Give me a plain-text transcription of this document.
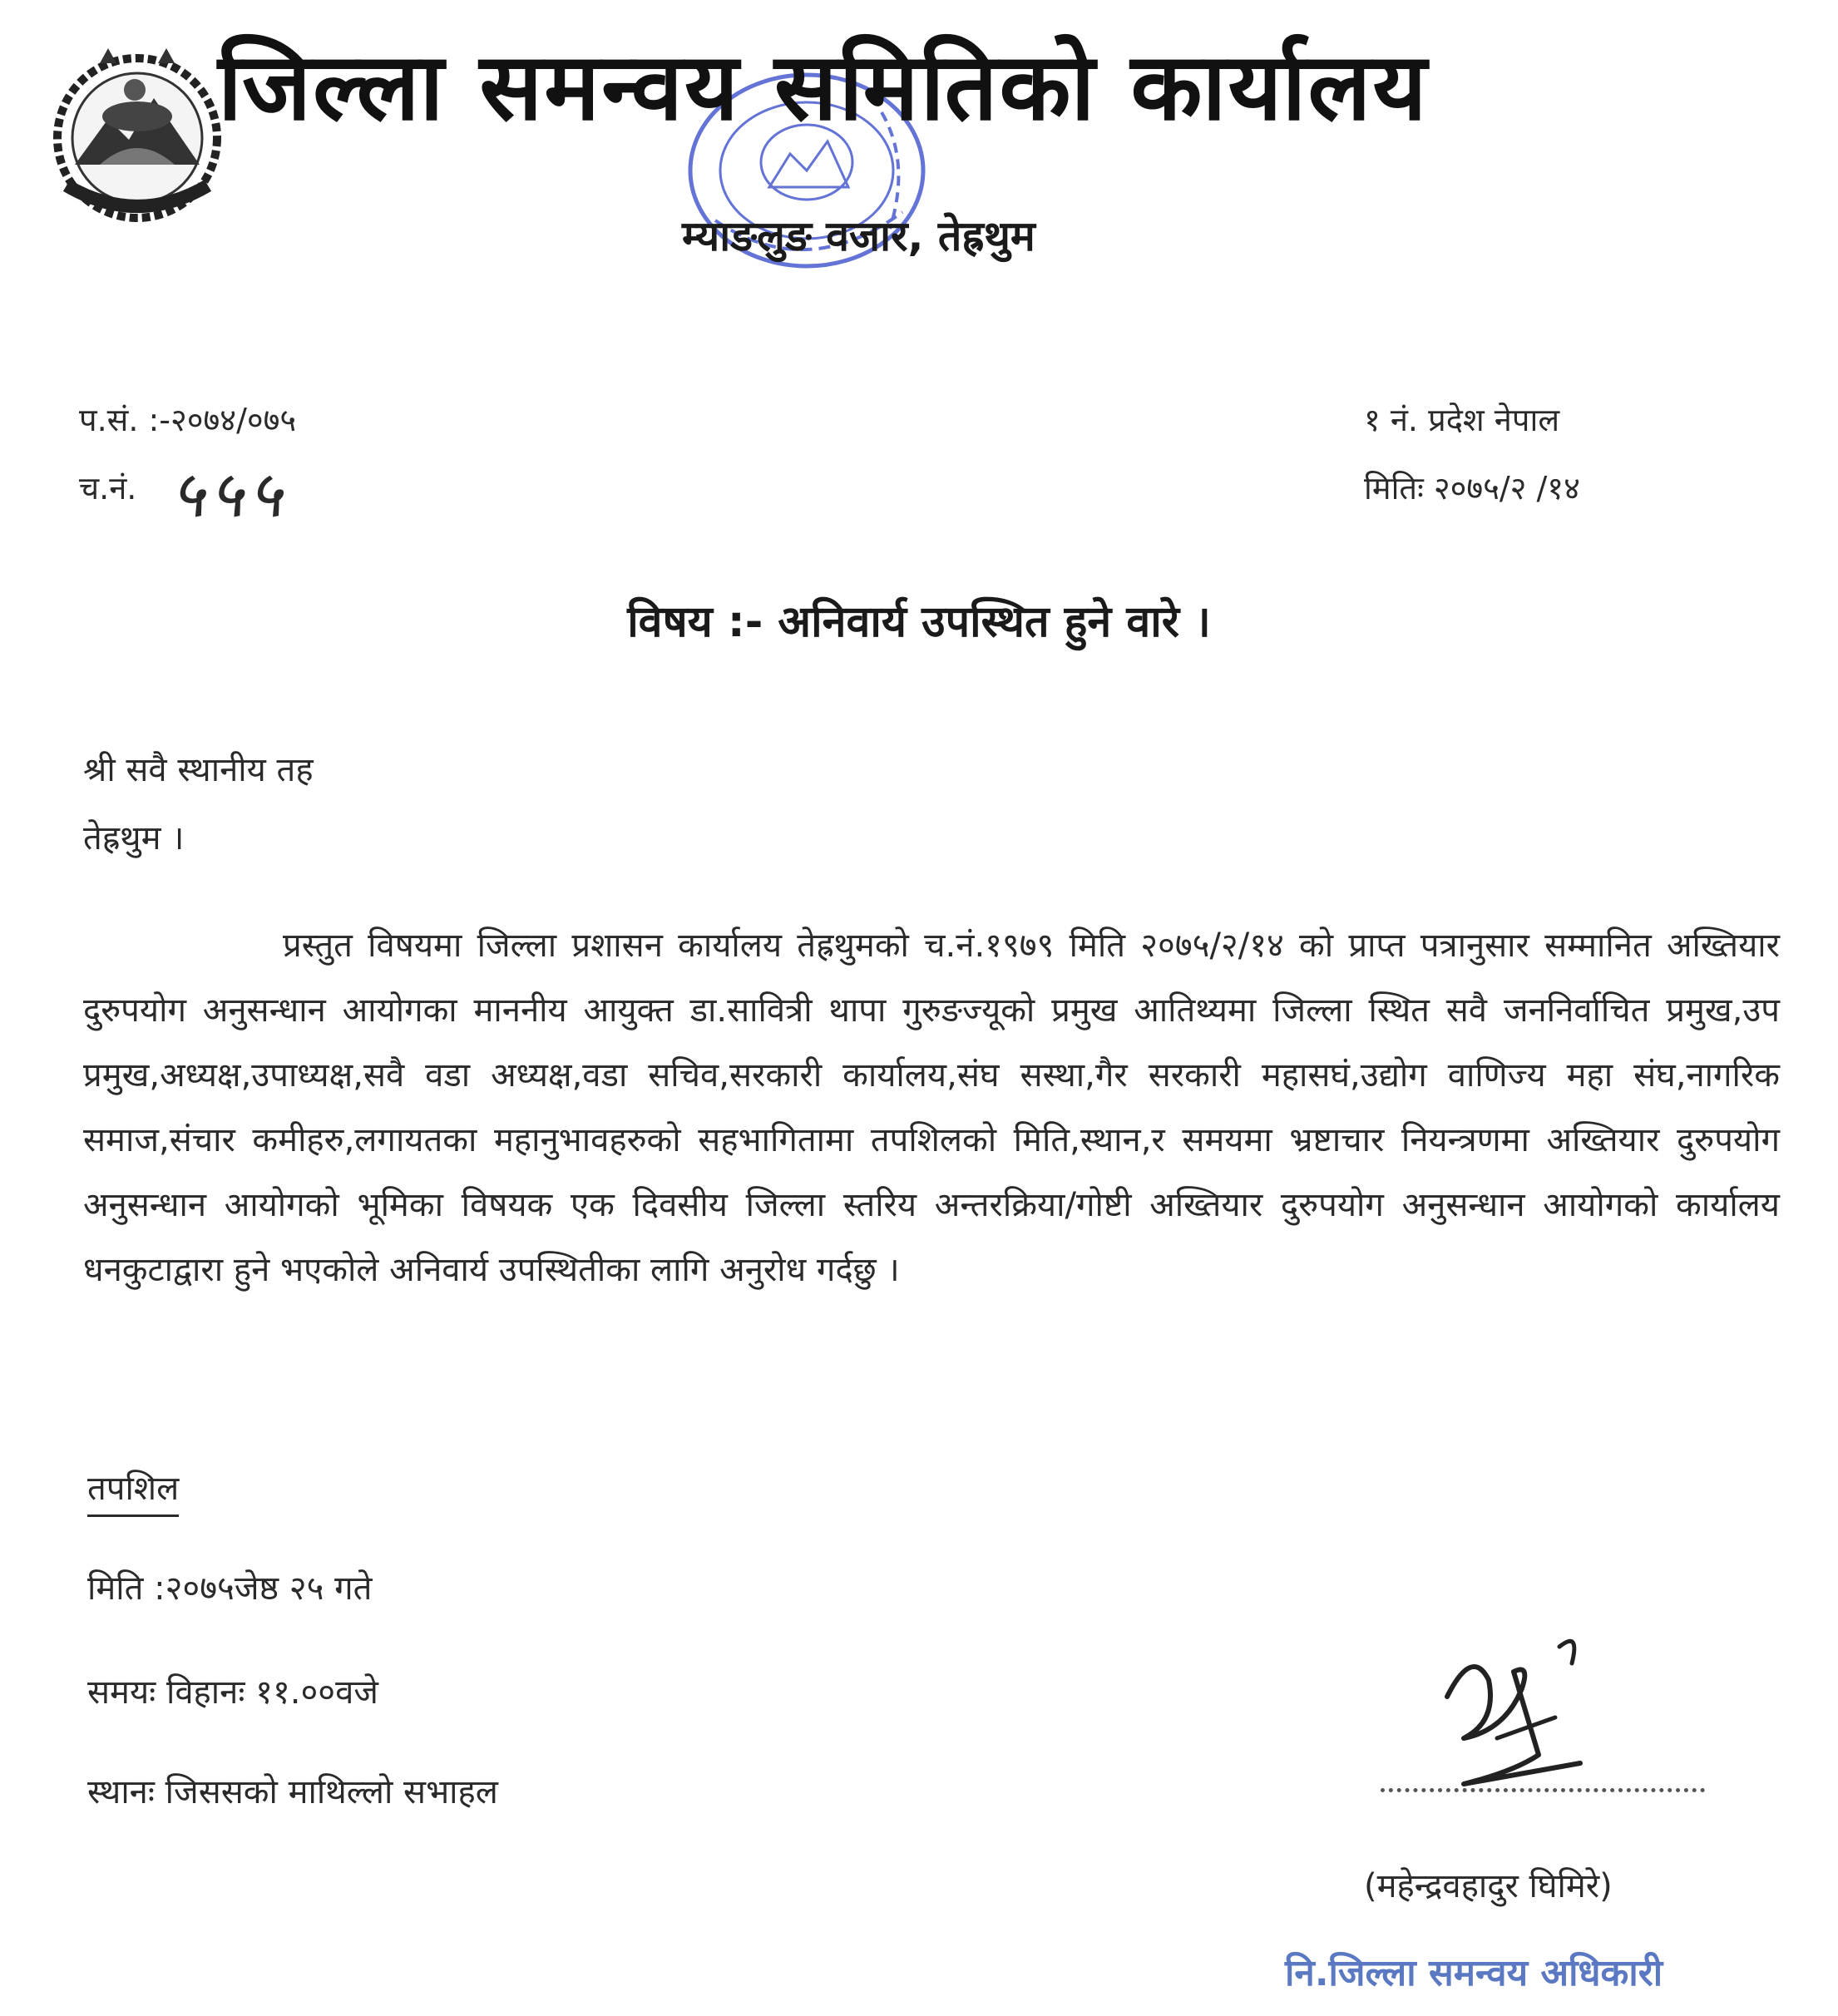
जिल्ला समन्वय समितिको कार्यालय
म्याङलुङ वजार, तेह्रथुम
प.सं. :-२०७४/०७५
च.नं. ५५५
१ नं. प्रदेश नेपाल
मितिः २०७५/२ /१४
विषय :- अनिवार्य उपस्थित हुने वारे ।
श्री सवै स्थानीय तह
तेह्रथुम ।
प्रस्तुत विषयमा जिल्ला प्रशासन कार्यालय तेह्रथुमको च.नं.१९७९ मिति २०७५/२/१४ को प्राप्त पत्रानुसार सम्मानित अख्तियार दुरुपयोग अनुसन्धान आयोगका माननीय आयुक्त डा.सावित्री थापा गुरुङज्यूको प्रमुख आतिथ्यमा जिल्ला स्थित सवै जननिर्वाचित प्रमुख,उप प्रमुख,अध्यक्ष,उपाध्यक्ष,सवै वडा अध्यक्ष,वडा सचिव,सरकारी कार्यालय,संघ सस्था,गैर सरकारी महासघं,उद्योग वाणिज्य महा संघ,नागरिक समाज,संचार कमीहरु,लगायतका महानुभावहरुको सहभागितामा तपशिलको मिति,स्थान,र समयमा भ्रष्टाचार नियन्त्रणमा अख्तियार दुरुपयोग अनुसन्धान आयोगको भूमिका विषयक एक दिवसीय जिल्ला स्तरिय अन्तरक्रिया/गोष्टी अख्तियार दुरुपयोग अनुसन्धान आयोगको कार्यालय धनकुटाद्वारा हुने भएकोले अनिवार्य उपस्थितीका लागि अनुरोध गर्दछु ।
तपशिल
मिति :२०७५जेष्ठ २५ गते
समयः विहानः ११.००वजे
स्थानः जिससको माथिल्लो सभाहल
(महेन्द्रवहादुर घिमिरे)
नि.जिल्ला समन्वय अधिकारी
